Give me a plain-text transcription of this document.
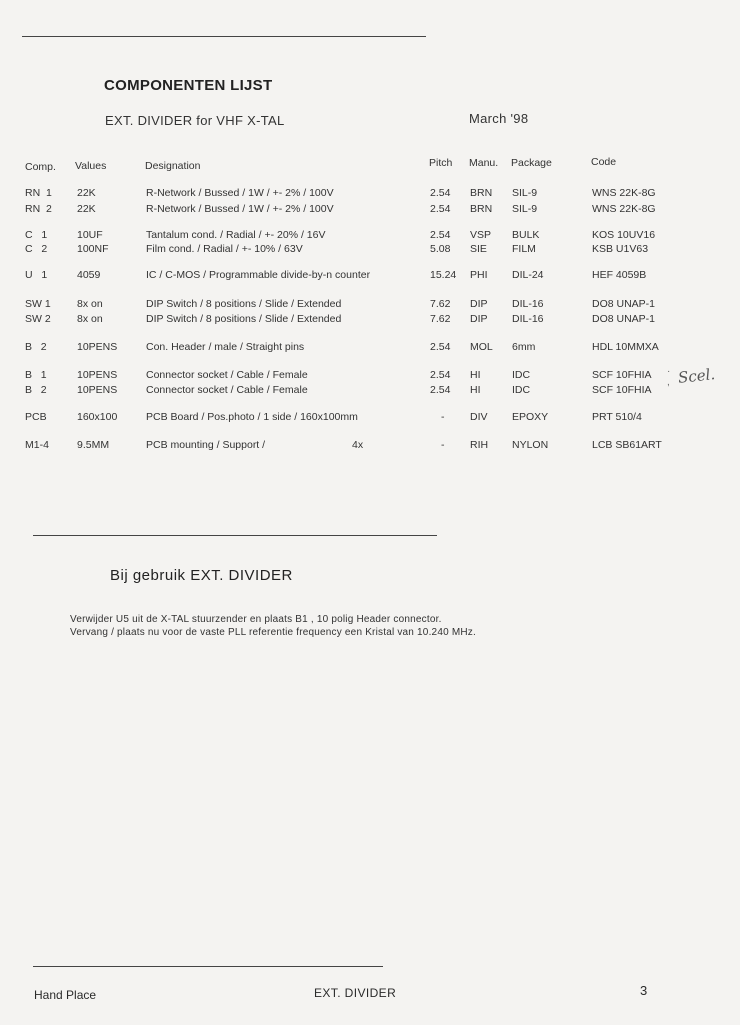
COMPONENTEN LIJST
EXT. DIVIDER for VHF X-TAL	March '98
Comp. Values	Designation	Pitch Manu. Package	Code
RN  1 22K	R-Network / Bussed / 1W / +- 2% / 100V	2.54 BRN SIL-9	WNS 22K-8G
RN  2 22K	R-Network / Bussed / 1W / +- 2% / 100V	2.54 BRN SIL-9	WNS 22K-8G
C   1	10UF	Tantalum cond. / Radial / +- 20% / 16V	2.54 VSP BULK	KOS 10UV16
C   2	100NF	Film cond. / Radial / +- 10% / 63V	5.08 SIE FILM	KSB U1V63
U   1	4059	IC / C-MOS / Programmable divide-by-n counter	15.24 PHI DIL-24	HEF 4059B
SW 1	8x on	DIP Switch / 8 positions / Slide / Extended	7.62 DIP DIL-16	DO8 UNAP-1
SW 2	8x on	DIP Switch / 8 positions / Slide / Extended	7.62 DIP DIL-16	DO8 UNAP-1
B   2	10PENS	Con. Header / male / Straight pins	2.54 MOL 6mm	HDL 10MMXA
B   1	10PENS	Connector socket / Cable / Female	2.54 HI	IDC	SCF 10FHIA
B   2	10PENS	Connector socket / Cable / Female	2.54 HI	IDC	SCF 10FHIA
PCB	160x100	PCB Board / Pos.photo / 1 side / 160x100mm	- DIV EPOXY	PRT 510/4
M1-4	9.5MM	PCB mounting / Support /	4x	- RIH NYLON	LCB SB61ART
·
, Scel.
Bij gebruik EXT. DIVIDER
Verwijder U5 uit de X-TAL stuurzender en plaats B1 , 10 polig Header connector.
Vervang / plaats nu voor de vaste PLL referentie frequency een Kristal van 10.240 MHz.
Hand Place	EXT. DIVIDER	3
